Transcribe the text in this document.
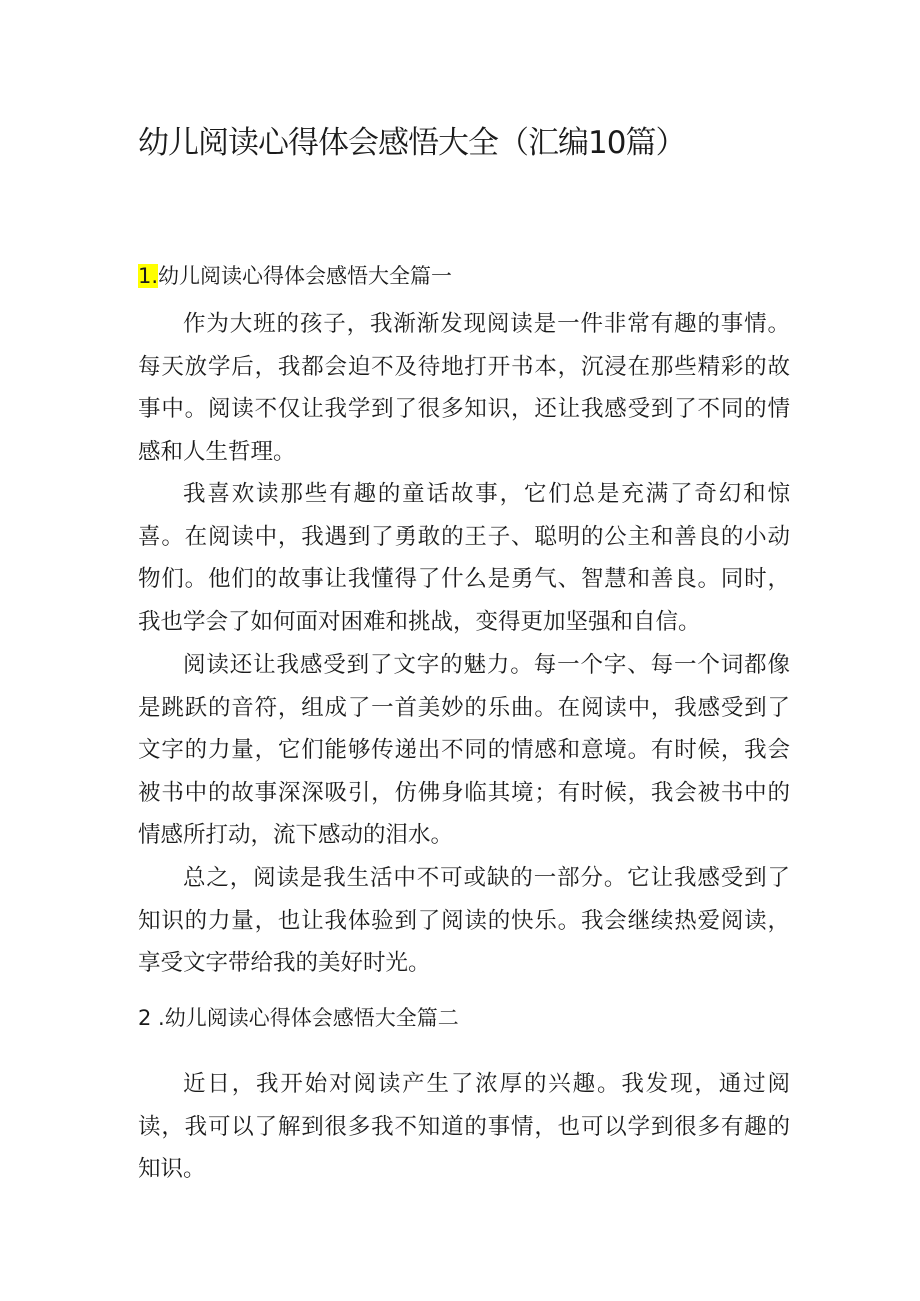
幼儿阅读心得体会感悟大全（汇编10篇）
1.幼儿阅读心得体会感悟大全篇一

作为大班的孩子，我渐渐发现阅读是一件非常有趣的事情。每天放学后，我都会迫不及待地打开书本，沉浸在那些精彩的故事中。阅读不仅让我学到了很多知识，还让我感受到了不同的情感和人生哲理。

我喜欢读那些有趣的童话故事，它们总是充满了奇幻和惊喜。在阅读中，我遇到了勇敢的王子、聪明的公主和善良的小动物们。他们的故事让我懂得了什么是勇气、智慧和善良。同时，我也学会了如何面对困难和挑战，变得更加坚强和自信。

阅读还让我感受到了文字的魅力。每一个字、每一个词都像是跳跃的音符，组成了一首美妙的乐曲。在阅读中，我感受到了文字的力量，它们能够传递出不同的情感和意境。有时候，我会被书中的故事深深吸引，仿佛身临其境；有时候，我会被书中的情感所打动，流下感动的泪水。

总之，阅读是我生活中不可或缺的一部分。它让我感受到了知识的力量，也让我体验到了阅读的快乐。我会继续热爱阅读，享受文字带给我的美好时光。

2 .幼儿阅读心得体会感悟大全篇二

近日，我开始对阅读产生了浓厚的兴趣。我发现，通过阅读，我可以了解到很多我不知道的事情，也可以学到很多有趣的知识。
